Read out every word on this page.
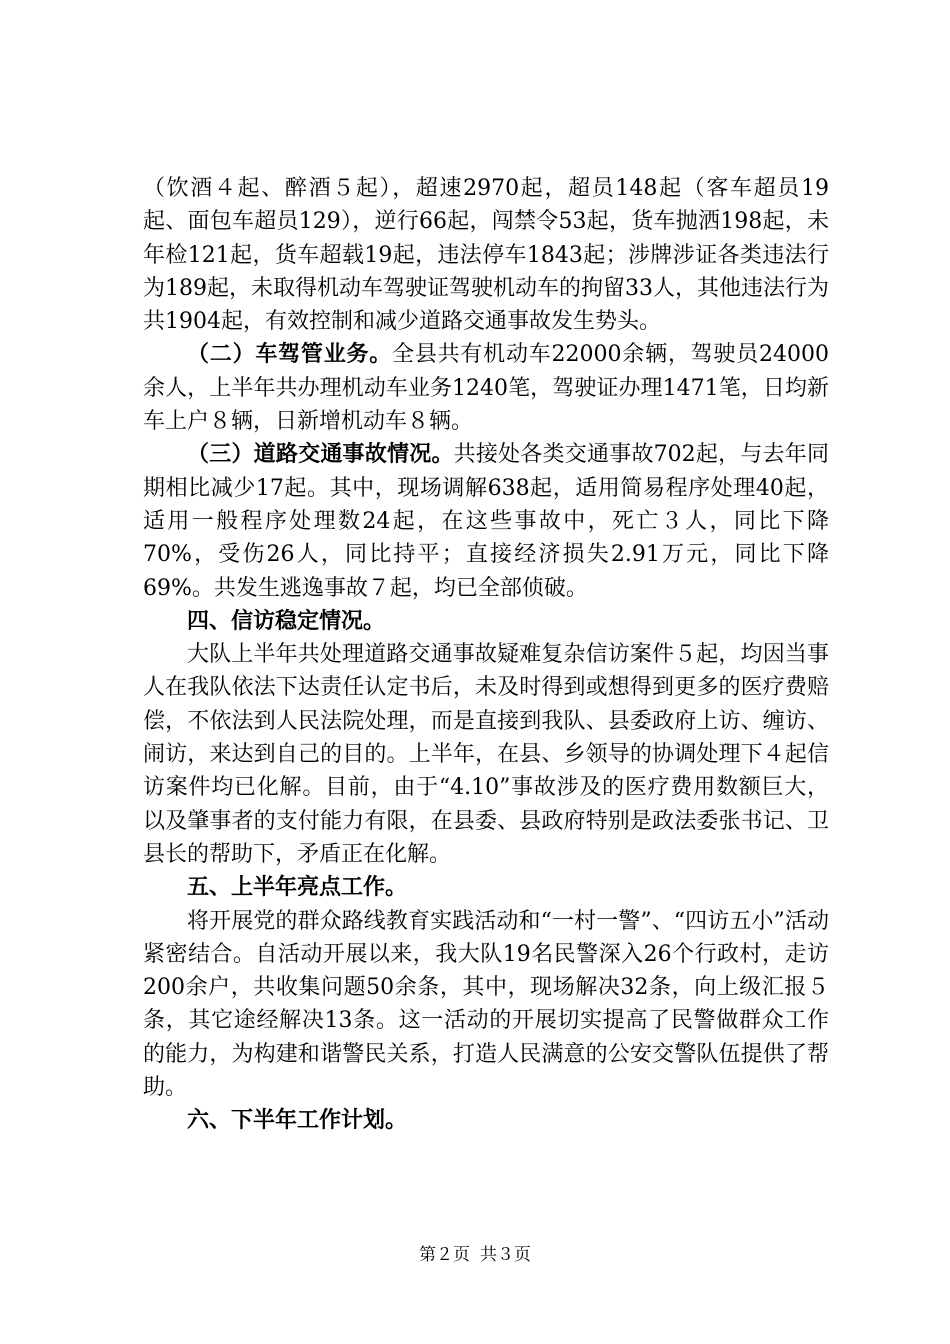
（饮酒４起、醉酒５起），超速2970起，超员148起（客车超员19起、面包车超员129），逆行66起，闯禁令53起，货车抛洒198起，未年检121起，货车超载19起，违法停车1843起；涉牌涉证各类违法行为189起，未取得机动车驾驶证驾驶机动车的拘留33人，其他违法行为共1904起，有效控制和减少道路交通事故发生势头。

（二）车驾管业务。全县共有机动车22000余辆，驾驶员24000余人，上半年共办理机动车业务1240笔，驾驶证办理1471笔，日均新车上户８辆，日新增机动车８辆。

（三）道路交通事故情况。共接处各类交通事故702起，与去年同期相比减少17起。其中，现场调解638起，适用简易程序处理40起，适用一般程序处理数24起，在这些事故中，死亡３人，同比下降70%，受伤26人，同比持平；直接经济损失2.91万元，同比下降69%。共发生逃逸事故７起，均已全部侦破。

四、信访稳定情况。

大队上半年共处理道路交通事故疑难复杂信访案件５起，均因当事人在我队依法下达责任认定书后，未及时得到或想得到更多的医疗费赔偿，不依法到人民法院处理，而是直接到我队、县委政府上访、缠访、闹访，来达到自己的目的。上半年，在县、乡领导的协调处理下４起信访案件均已化解。目前，由于“4.10”事故涉及的医疗费用数额巨大，以及肇事者的支付能力有限，在县委、县政府特别是政法委张书记、卫县长的帮助下，矛盾正在化解。

五、上半年亮点工作。

将开展党的群众路线教育实践活动和“一村一警”、“四访五小”活动紧密结合。自活动开展以来，我大队19名民警深入26个行政村，走访200余户，共收集问题50余条，其中，现场解决32条，向上级汇报５条，其它途经解决13条。这一活动的开展切实提高了民警做群众工作的能力，为构建和谐警民关系，打造人民满意的公安交警队伍提供了帮助。

六、下半年工作计划。

第２页 共３页
